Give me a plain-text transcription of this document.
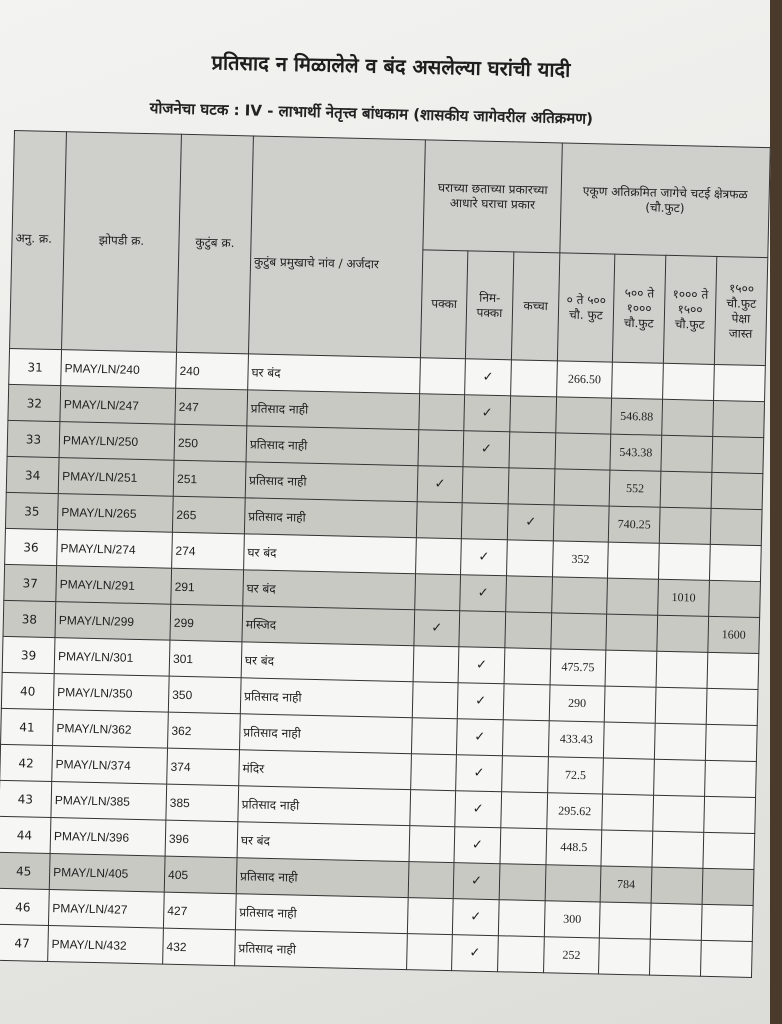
प्रतिसाद न मिळालेले व बंद असलेल्या घरांची यादी
योजनेचा घटक : IV - लाभार्थी नेतृत्त्व बांधकाम (शासकीय जागेवरील अतिक्रमण)
अनु. क्र.	झोपडी क्र.	कुटुंब क्र.	कुटुंब प्रमुखाचे नांव / अर्जदार	घराच्या छताच्या प्रकारच्या आधारे घराचा प्रकार			एकूण अतिक्रमित जागेचे चटई क्षेत्रफळ (चौ.फुट)			
				पक्का	निम-पक्का	कच्चा	० ते ५०० चौ. फुट	५०० ते १००० चौ.फुट	१००० ते १५०० चौ.फुट	१५०० चौ.फुट पेक्षा जास्त
31	PMAY/LN/240	240	घर बंद		✓		266.50			
32	PMAY/LN/247	247	प्रतिसाद नाही		✓			546.88		
33	PMAY/LN/250	250	प्रतिसाद नाही		✓			543.38		
34	PMAY/LN/251	251	प्रतिसाद नाही	✓				552		
35	PMAY/LN/265	265	प्रतिसाद नाही			✓		740.25		
36	PMAY/LN/274	274	घर बंद		✓		352			
37	PMAY/LN/291	291	घर बंद		✓				1010	
38	PMAY/LN/299	299	मस्जिद	✓						1600
39	PMAY/LN/301	301	घर बंद		✓		475.75			
40	PMAY/LN/350	350	प्रतिसाद नाही		✓		290			
41	PMAY/LN/362	362	प्रतिसाद नाही		✓		433.43			
42	PMAY/LN/374	374	मंदिर		✓		72.5			
43	PMAY/LN/385	385	प्रतिसाद नाही		✓		295.62			
44	PMAY/LN/396	396	घर बंद		✓		448.5			
45	PMAY/LN/405	405	प्रतिसाद नाही		✓			784		
46	PMAY/LN/427	427	प्रतिसाद नाही		✓		300			
47	PMAY/LN/432	432	प्रतिसाद नाही		✓		252			
